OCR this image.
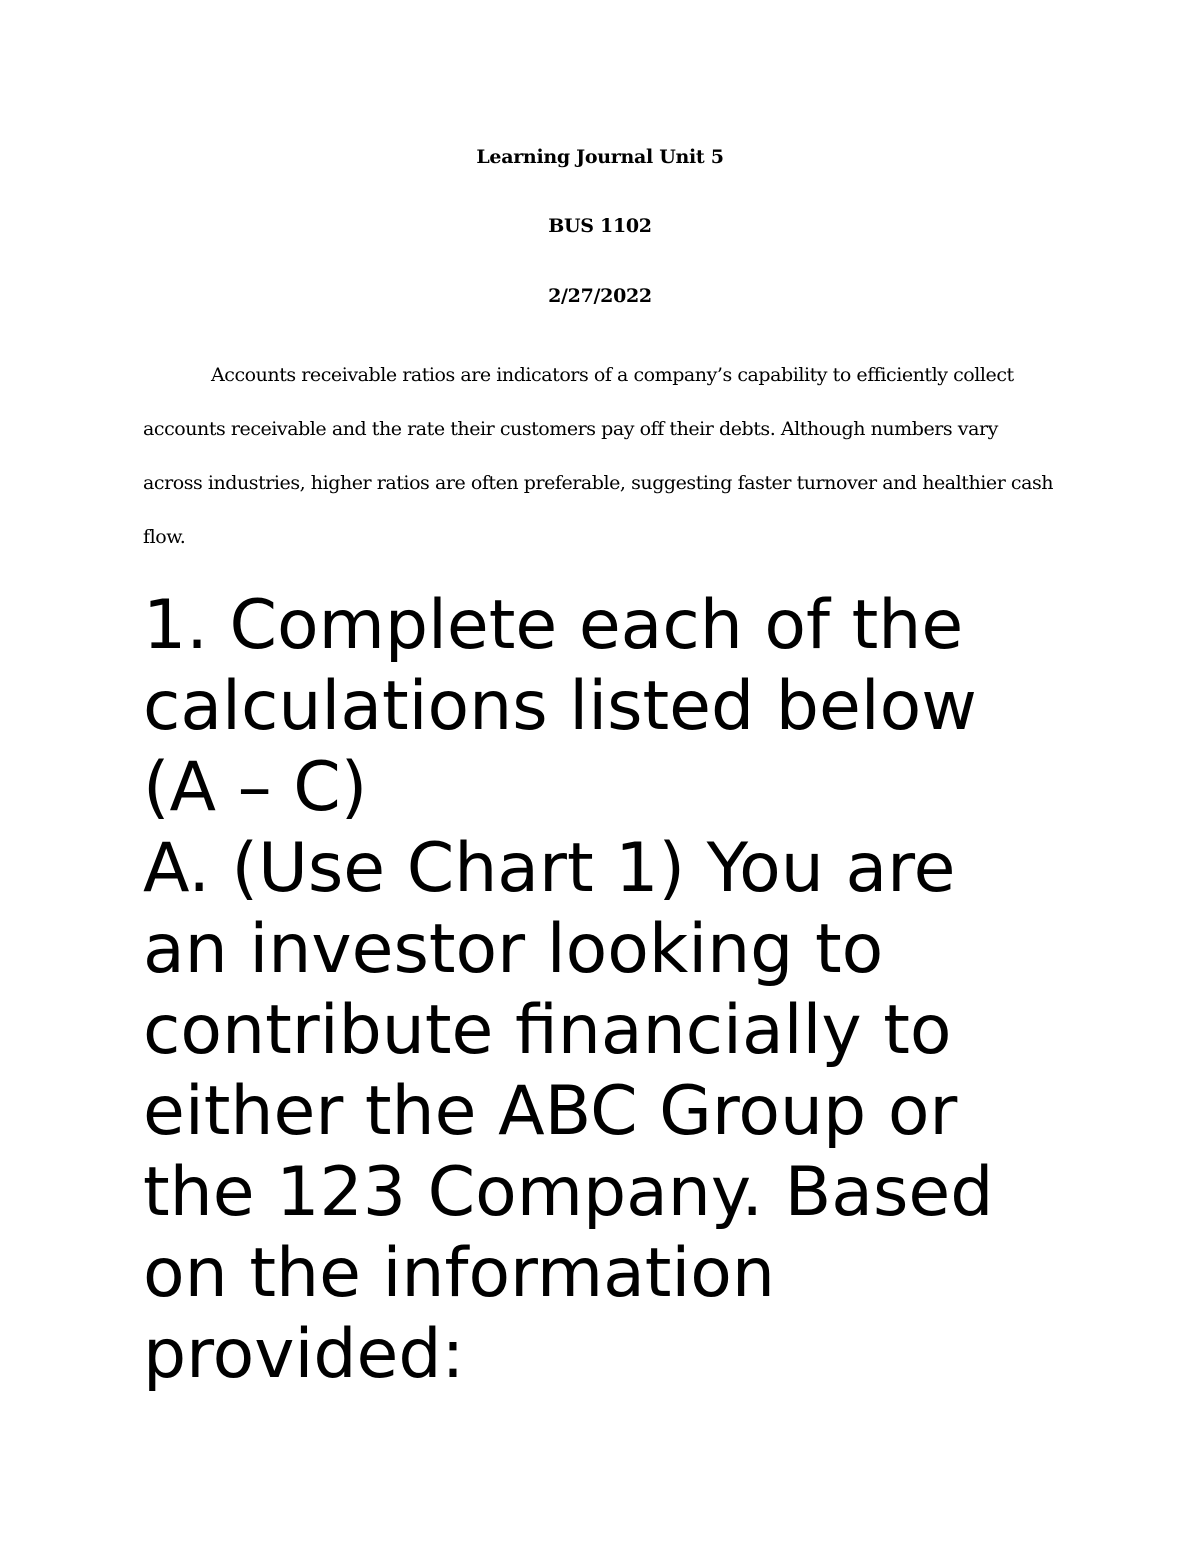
Learning Journal Unit 5
BUS 1102
2/27/2022

Accounts receivable ratios are indicators of a company’s capability to efficiently collect accounts receivable and the rate their customers pay off their debts. Although numbers vary across industries, higher ratios are often preferable, suggesting faster turnover and healthier cash flow.

1. Complete each of the
calculations listed below
(A – C)
A. (Use Chart 1) You are
an investor looking to
contribute financially to
either the ABC Group or
the 123 Company. Based
on the information
provided:
